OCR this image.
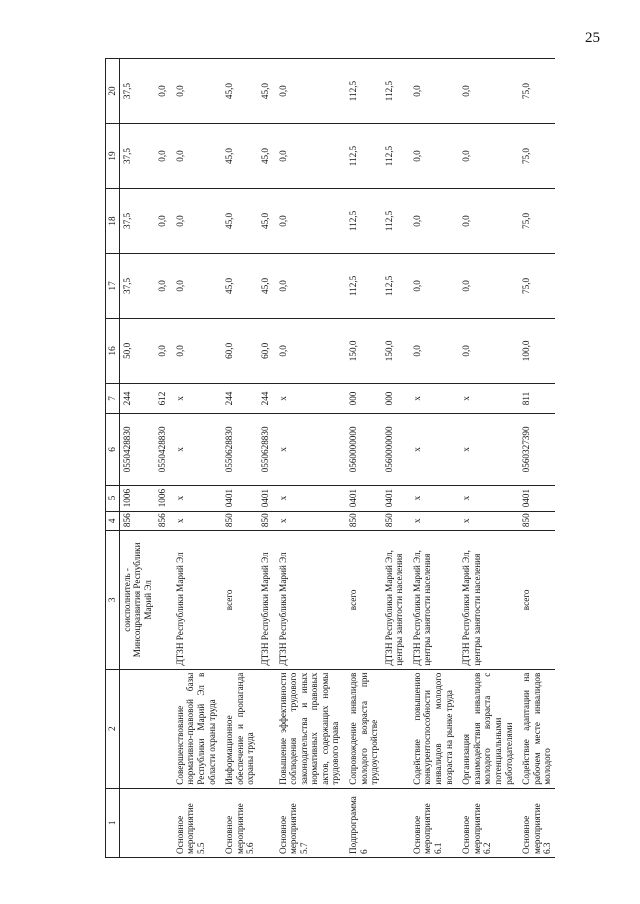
25
1	2	3	4	5	6	7	16	17	18	19	20
		соисполнитель - Минсоцразвития Республики Марий Эл	856	1006	0550428830	244	50,0	37,5	37,5	37,5	37,5
			856	1006	0550428830	612	0,0	0,0	0,0	0,0	0,0
Основное мероприятие 5.5	Совершенствование нормативно-правовой базы Республики Марий Эл в области охраны труда	ДТЗН Республики Марий Эл	x	x	x	x	0,0	0,0	0,0	0,0	0,0
Основное мероприятие 5.6	Информационное обеспечение и пропаганда охраны труда	всего	850	0401	0550628830	244	60,0	45,0	45,0	45,0	45,0
		ДТЗН Республики Марий Эл	850	0401	0550628830	244	60,0	45,0	45,0	45,0	45,0
Основное мероприятие 5.7	Повышение эффективности соблюдения трудового законодательства и иных нормативных правовых актов, содержащих нормы трудового права	ДТЗН Республики Марий Эл	x	x	x	x	0,0	0,0	0,0	0,0	0,0
Подпрограмма 6	Сопровождение инвалидов молодого возраста при трудоустройстве	всего	850	0401	0560000000	000	150,0	112,5	112,5	112,5	112,5
		ДТЗН Республики Марий Эл, центры занятости населения	850	0401	0560000000	000	150,0	112,5	112,5	112,5	112,5
Основное мероприятие 6.1	Содействие повышению конкурентоспособности инвалидов молодого возраста на рынке труда	ДТЗН Республики Марий Эл, центры занятости населения	x	x	x	x	0,0	0,0	0,0	0,0	0,0
Основное мероприятие 6.2	Организация взаимодействия инвалидов молодого возраста с потенциальными работодателями	ДТЗН Республики Марий Эл, центры занятости населения	x	x	x	x	0,0	0,0	0,0	0,0	0,0
Основное мероприятие 6.3	Содействие адаптации на рабочем месте инвалидов молодого	всего	850	0401	0560327390	811	100,0	75,0	75,0	75,0	75,0
